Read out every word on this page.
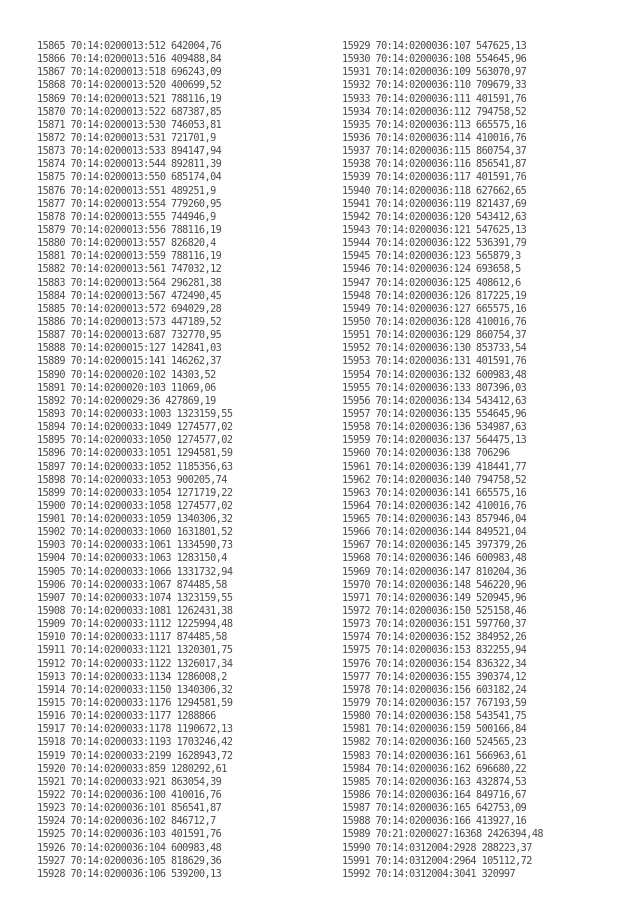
15865 70:14:0200013:512 642004,76
15866 70:14:0200013:516 409488,84
15867 70:14:0200013:518 696243,09
15868 70:14:0200013:520 400699,52
15869 70:14:0200013:521 788116,19
15870 70:14:0200013:522 687387,85
15871 70:14:0200013:530 746053,81
15872 70:14:0200013:531 721701,9
15873 70:14:0200013:533 894147,94
15874 70:14:0200013:544 892811,39
15875 70:14:0200013:550 685174,04
15876 70:14:0200013:551 489251,9
15877 70:14:0200013:554 779260,95
15878 70:14:0200013:555 744946,9
15879 70:14:0200013:556 788116,19
15880 70:14:0200013:557 826820,4
15881 70:14:0200013:559 788116,19
15882 70:14:0200013:561 747032,12
15883 70:14:0200013:564 296281,38
15884 70:14:0200013:567 472490,45
15885 70:14:0200013:572 694029,28
15886 70:14:0200013:573 447189,52
15887 70:14:0200013:687 732770,95
15888 70:14:0200015:127 142841,03
15889 70:14:0200015:141 146262,37
15890 70:14:0200020:102 14303,52
15891 70:14:0200020:103 11069,06
15892 70:14:0200029:36 427869,19
15893 70:14:0200033:1003 1323159,55
15894 70:14:0200033:1049 1274577,02
15895 70:14:0200033:1050 1274577,02
15896 70:14:0200033:1051 1294581,59
15897 70:14:0200033:1052 1185356,63
15898 70:14:0200033:1053 900205,74
15899 70:14:0200033:1054 1271719,22
15900 70:14:0200033:1058 1274577,02
15901 70:14:0200033:1059 1340306,32
15902 70:14:0200033:1060 1631801,52
15903 70:14:0200033:1061 1334590,73
15904 70:14:0200033:1063 1283150,4
15905 70:14:0200033:1066 1331732,94
15906 70:14:0200033:1067 874485,58
15907 70:14:0200033:1074 1323159,55
15908 70:14:0200033:1081 1262431,38
15909 70:14:0200033:1112 1225994,48
15910 70:14:0200033:1117 874485,58
15911 70:14:0200033:1121 1320301,75
15912 70:14:0200033:1122 1326017,34
15913 70:14:0200033:1134 1286008,2
15914 70:14:0200033:1150 1340306,32
15915 70:14:0200033:1176 1294581,59
15916 70:14:0200033:1177 1288866
15917 70:14:0200033:1178 1190672,13
15918 70:14:0200033:1193 1703246,42
15919 70:14:0200033:2199 1628943,72
15920 70:14:0200033:859 1280292,61
15921 70:14:0200033:921 863054,39
15922 70:14:0200036:100 410016,76
15923 70:14:0200036:101 856541,87
15924 70:14:0200036:102 846712,7
15925 70:14:0200036:103 401591,76
15926 70:14:0200036:104 600983,48
15927 70:14:0200036:105 818629,36
15928 70:14:0200036:106 539200,13
15929 70:14:0200036:107 547625,13
15930 70:14:0200036:108 554645,96
15931 70:14:0200036:109 563070,97
15932 70:14:0200036:110 709679,33
15933 70:14:0200036:111 401591,76
15934 70:14:0200036:112 794758,52
15935 70:14:0200036:113 665575,16
15936 70:14:0200036:114 410016,76
15937 70:14:0200036:115 860754,37
15938 70:14:0200036:116 856541,87
15939 70:14:0200036:117 401591,76
15940 70:14:0200036:118 627662,65
15941 70:14:0200036:119 821437,69
15942 70:14:0200036:120 543412,63
15943 70:14:0200036:121 547625,13
15944 70:14:0200036:122 536391,79
15945 70:14:0200036:123 565879,3
15946 70:14:0200036:124 693658,5
15947 70:14:0200036:125 408612,6
15948 70:14:0200036:126 817225,19
15949 70:14:0200036:127 665575,16
15950 70:14:0200036:128 410016,76
15951 70:14:0200036:129 860754,37
15952 70:14:0200036:130 853733,54
15953 70:14:0200036:131 401591,76
15954 70:14:0200036:132 600983,48
15955 70:14:0200036:133 807396,03
15956 70:14:0200036:134 543412,63
15957 70:14:0200036:135 554645,96
15958 70:14:0200036:136 534987,63
15959 70:14:0200036:137 564475,13
15960 70:14:0200036:138 706296
15961 70:14:0200036:139 418441,77
15962 70:14:0200036:140 794758,52
15963 70:14:0200036:141 665575,16
15964 70:14:0200036:142 410016,76
15965 70:14:0200036:143 857946,04
15966 70:14:0200036:144 849521,04
15967 70:14:0200036:145 397379,26
15968 70:14:0200036:146 600983,48
15969 70:14:0200036:147 810204,36
15970 70:14:0200036:148 546220,96
15971 70:14:0200036:149 520945,96
15972 70:14:0200036:150 525158,46
15973 70:14:0200036:151 597760,37
15974 70:14:0200036:152 384952,26
15975 70:14:0200036:153 832255,94
15976 70:14:0200036:154 836322,34
15977 70:14:0200036:155 390374,12
15978 70:14:0200036:156 603182,24
15979 70:14:0200036:157 767193,59
15980 70:14:0200036:158 543541,75
15981 70:14:0200036:159 500166,84
15982 70:14:0200036:160 524565,23
15983 70:14:0200036:161 566963,61
15984 70:14:0200036:162 696680,22
15985 70:14:0200036:163 432874,53
15986 70:14:0200036:164 849716,67
15987 70:14:0200036:165 642753,09
15988 70:14:0200036:166 413927,16
15989 70:21:0200027:16368 2426394,48
15990 70:14:0312004:2928 288223,37
15991 70:14:0312004:2964 105112,72
15992 70:14:0312004:3041 320997
